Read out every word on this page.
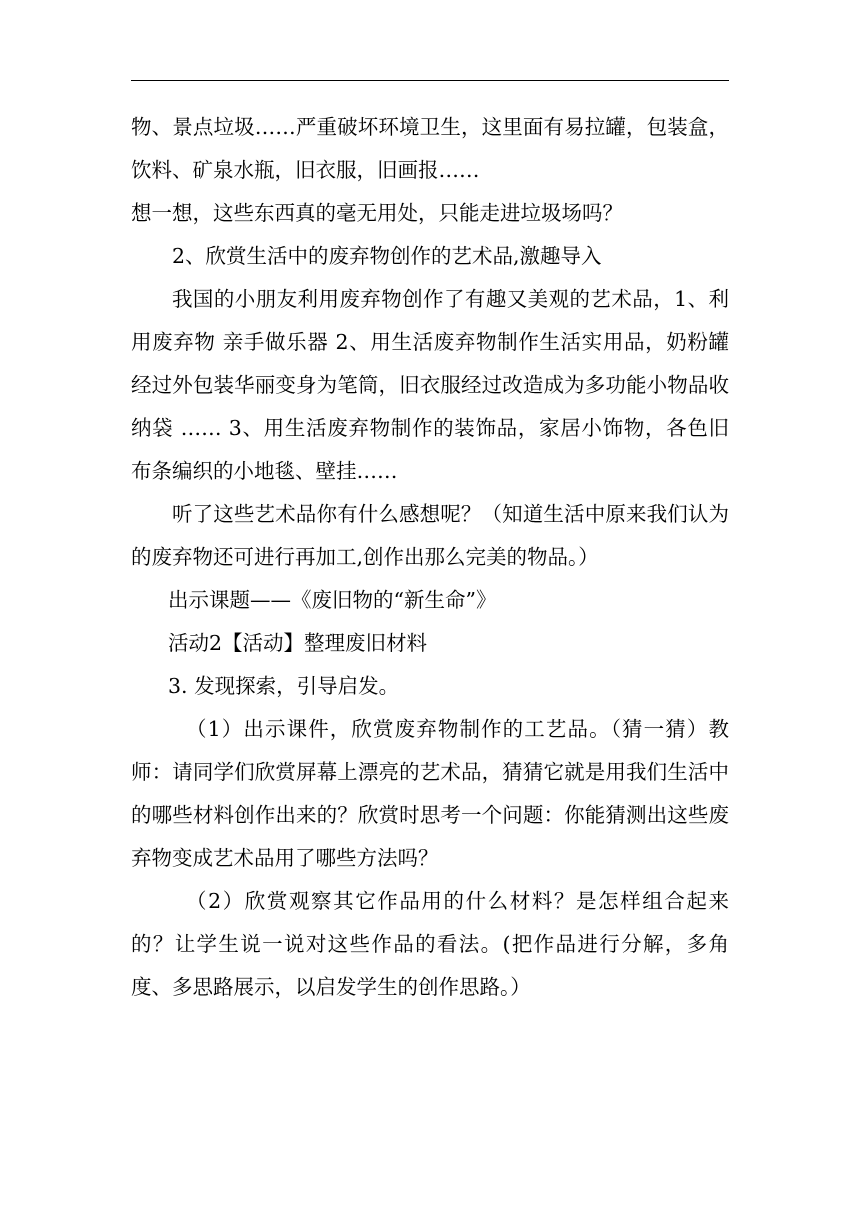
物、景点垃圾……严重破坏环境卫生，这里面有易拉罐，包装盒，饮料、矿泉水瓶，旧衣服，旧画报……

想一想，这些东西真的毫无用处，只能走进垃圾场吗？

2、欣赏生活中的废弃物创作的艺术品,激趣导入

我国的小朋友利用废弃物创作了有趣又美观的艺术品，1、利用废弃物 亲手做乐器 2、用生活废弃物制作生活实用品，奶粉罐经过外包装华丽变身为笔筒，旧衣服经过改造成为多功能小物品收纳袋 …… 3、用生活废弃物制作的装饰品，家居小饰物，各色旧布条编织的小地毯、壁挂……

听了这些艺术品你有什么感想呢？（知道生活中原来我们认为的废弃物还可进行再加工,创作出那么完美的物品。）

出示课题——《废旧物的“新生命”》

活动2【活动】整理废旧材料

3. 发现探索，引导启发。

（1）出示课件，欣赏废弃物制作的工艺品。（猜一猜）教师：请同学们欣赏屏幕上漂亮的艺术品，猜猜它就是用我们生活中的哪些材料创作出来的？欣赏时思考一个问题：你能猜测出这些废弃物变成艺术品用了哪些方法吗？

（2）欣赏观察其它作品用的什么材料？是怎样组合起来的？让学生说一说对这些作品的看法。(把作品进行分解，多角度、多思路展示，以启发学生的创作思路。）
